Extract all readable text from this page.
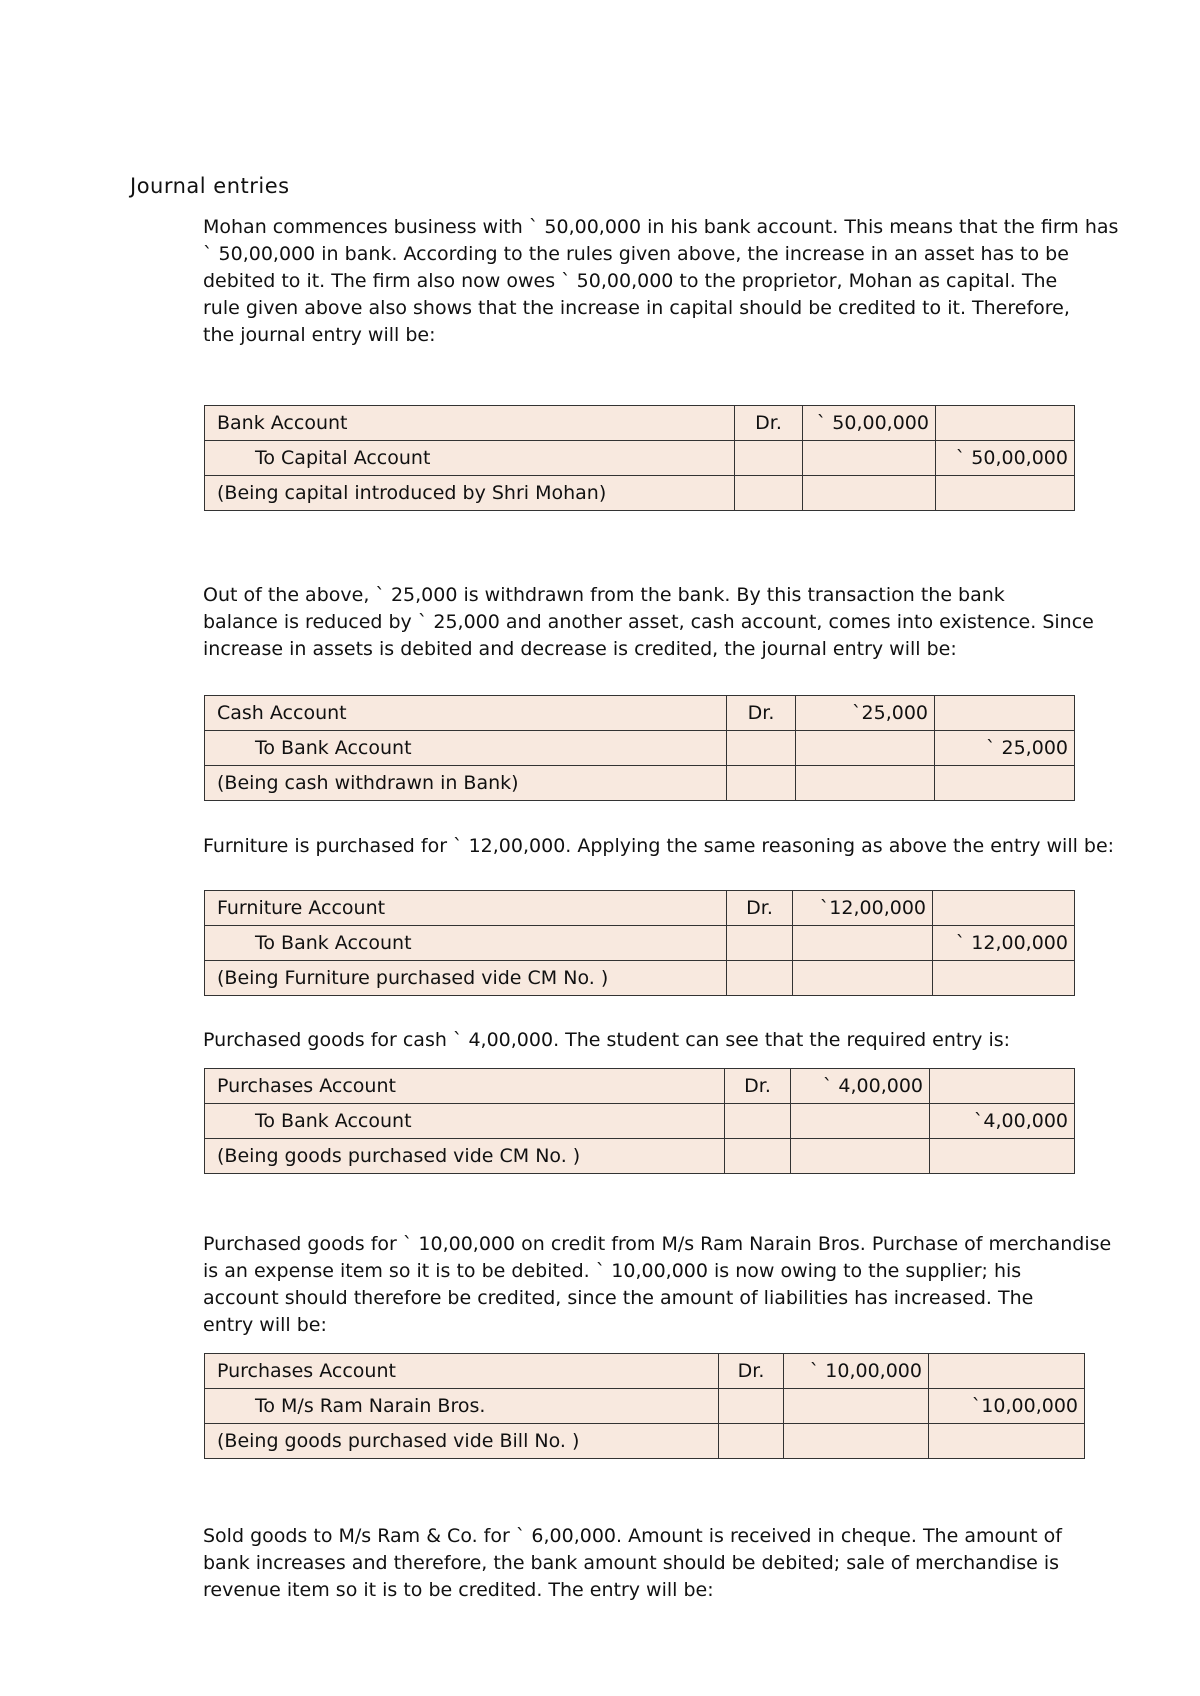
Journal entries

Mohan commences business with ` 50,00,000 in his bank account. This means that the firm has
` 50,00,000 in bank. According to the rules given above, the increase in an asset has to be
debited to it. The firm also now owes ` 50,00,000 to the proprietor, Mohan as capital. The
rule given above also shows that the increase in capital should be credited to it. Therefore,
the journal entry will be:

Bank Account	Dr.	` 50,00,000	
To Capital Account			` 50,00,000
(Being capital introduced by Shri Mohan)			

Out of the above, ` 25,000 is withdrawn from the bank. By this transaction the bank
balance is reduced by ` 25,000 and another asset, cash account, comes into existence. Since
increase in assets is debited and decrease is credited, the journal entry will be:

Cash Account	Dr.	`25,000	
To Bank Account			` 25,000
(Being cash withdrawn in Bank)			

Furniture is purchased for ` 12,00,000. Applying the same reasoning as above the entry will be:

Furniture Account	Dr.	`12,00,000	
To Bank Account			` 12,00,000
(Being Furniture purchased vide CM No. )			

Purchased goods for cash ` 4,00,000. The student can see that the required entry is:

Purchases Account	Dr.	` 4,00,000	
To Bank Account			`4,00,000
(Being goods purchased vide CM No. )			

Purchased goods for ` 10,00,000 on credit from M/s Ram Narain Bros. Purchase of merchandise
is an expense item so it is to be debited. ` 10,00,000 is now owing to the supplier; his
account should therefore be credited, since the amount of liabilities has increased. The
entry will be:

Purchases Account	Dr.	` 10,00,000	
To M/s Ram Narain Bros.			`10,00,000
(Being goods purchased vide Bill No. )			

Sold goods to M/s Ram & Co. for ` 6,00,000. Amount is received in cheque. The amount of
bank increases and therefore, the bank amount should be debited; sale of merchandise is
revenue item so it is to be credited. The entry will be:
